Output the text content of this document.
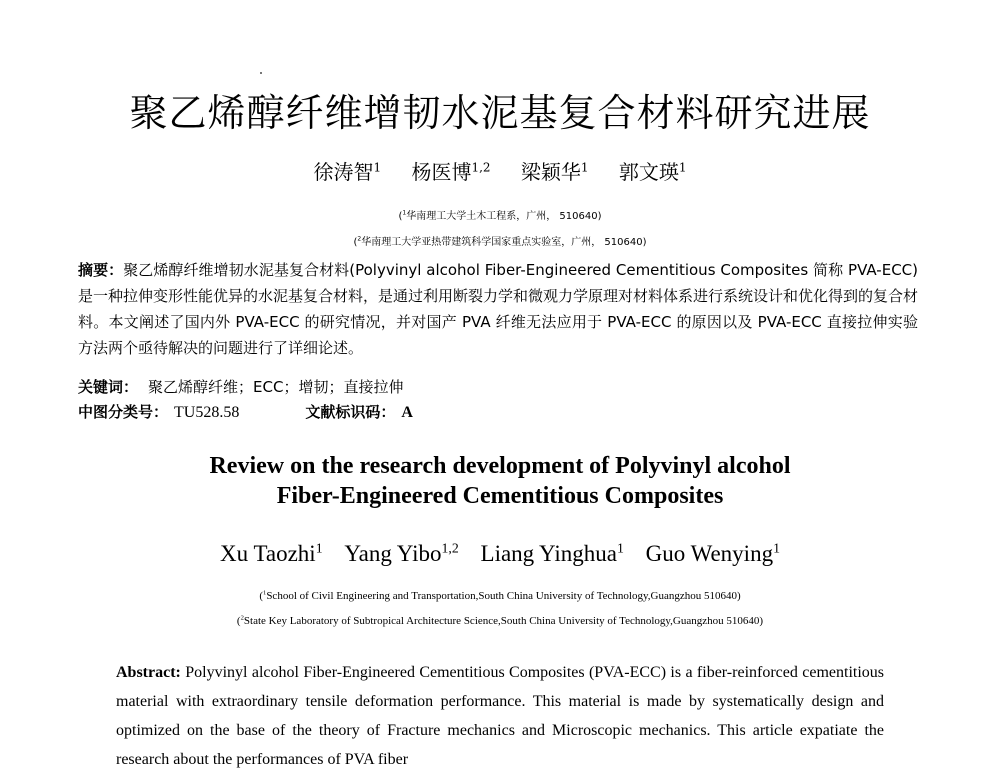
聚乙烯醇纤维增韧水泥基复合材料研究进展
徐涛智$^1$ 杨医博$^{1,2}$ 梁颖华$^1$ 郭文瑛$^1$
($^1$华南理工大学土木工程系，广州， 510640)
($^2$华南理工大学亚热带建筑科学国家重点实验室，广州， 510640)
摘要：聚乙烯醇纤维增韧水泥基复合材料(Polyvinyl alcohol Fiber-Engineered Cementitious Composites 简称 PVA-ECC)是一种拉伸变形性能优异的水泥基复合材料，是通过利用断裂力学和微观力学原理对材料体系进行系统设计和优化得到的复合材料。本文阐述了国内外 PVA-ECC 的研究情况，并对国产 PVA 纤维无法应用于 PVA-ECC 的原因以及 PVA-ECC 直接拉伸实验方法两个亟待解决的问题进行了详细论述。
关键词： 聚乙烯醇纤维；ECC；增韧；直接拉伸
中图分类号： TU528.58	文献标识码： A
Review on the research development of Polyvinyl alcohol
Fiber-Engineered Cementitious Composites
Xu Taozhi$^1$ Yang Yibo$^{1,2}$ Liang Yinghua$^1$ Guo Wenying$^1$
($^1$School of Civil Engineering and Transportation,South China University of Technology,Guangzhou 510640)
($^2$State Key Laboratory of Subtropical Architecture Science,South China University of Technology,Guangzhou 510640)
Abstract: Polyvinyl alcohol Fiber-Engineered Cementitious Composites (PVA-ECC) is a fiber-reinforced cementitious material with extraordinary tensile deformation performance. This material is made by systematically design and optimized on the base of the theory of Fracture mechanics and Microscopic mechanics. This article expatiate the research about the performances of PVA fiber
